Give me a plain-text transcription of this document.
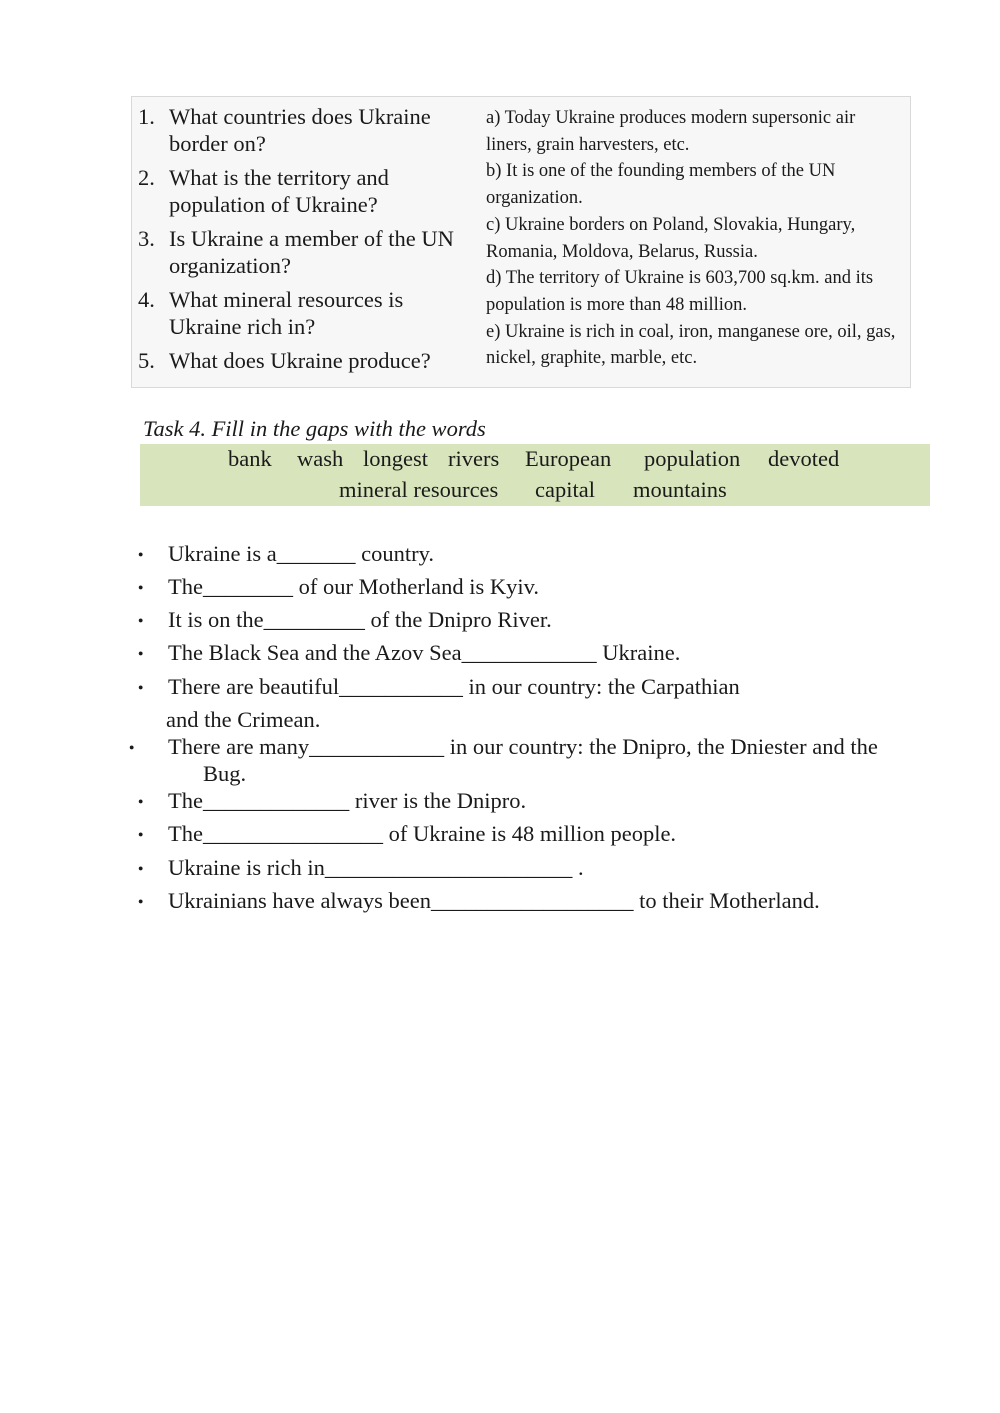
1. What countries does Ukraine border on?
2. What is the territory and population of Ukraine?
3. Is Ukraine a member of the UN organization?
4. What mineral resources is Ukraine rich in?
5. What does Ukraine produce?
a) Today Ukraine produces modern supersonic air liners, grain harvesters, etc.
b) It is one of the founding members of the UN organization.
c) Ukraine borders on Poland, Slovakia, Hungary, Romania, Moldova, Belarus, Russia.
d) The territory of Ukraine is 603,700 sq.km. and its population is more than 48 million.
e) Ukraine is rich in coal, iron, manganese ore, oil, gas, nickel, graphite, marble, etc.
Task 4. Fill in the gaps with the words
bank wash longest rivers European population devoted
mineral resources capital mountains
● Ukraine is a_______ country.
● The________ of our Motherland is Kyiv.
● It is on the_________ of the Dnipro River.
● The Black Sea and the Azov Sea____________ Ukraine.
● There are beautiful___________ in our country: the Carpathian
and the Crimean.
● There are many____________ in our country: the Dnipro, the Dniester and the
Bug.
● The_____________ river is the Dnipro.
● The________________ of Ukraine is 48 million people.
● Ukraine is rich in______________________ .
● Ukrainians have always been__________________ to their Motherland.
